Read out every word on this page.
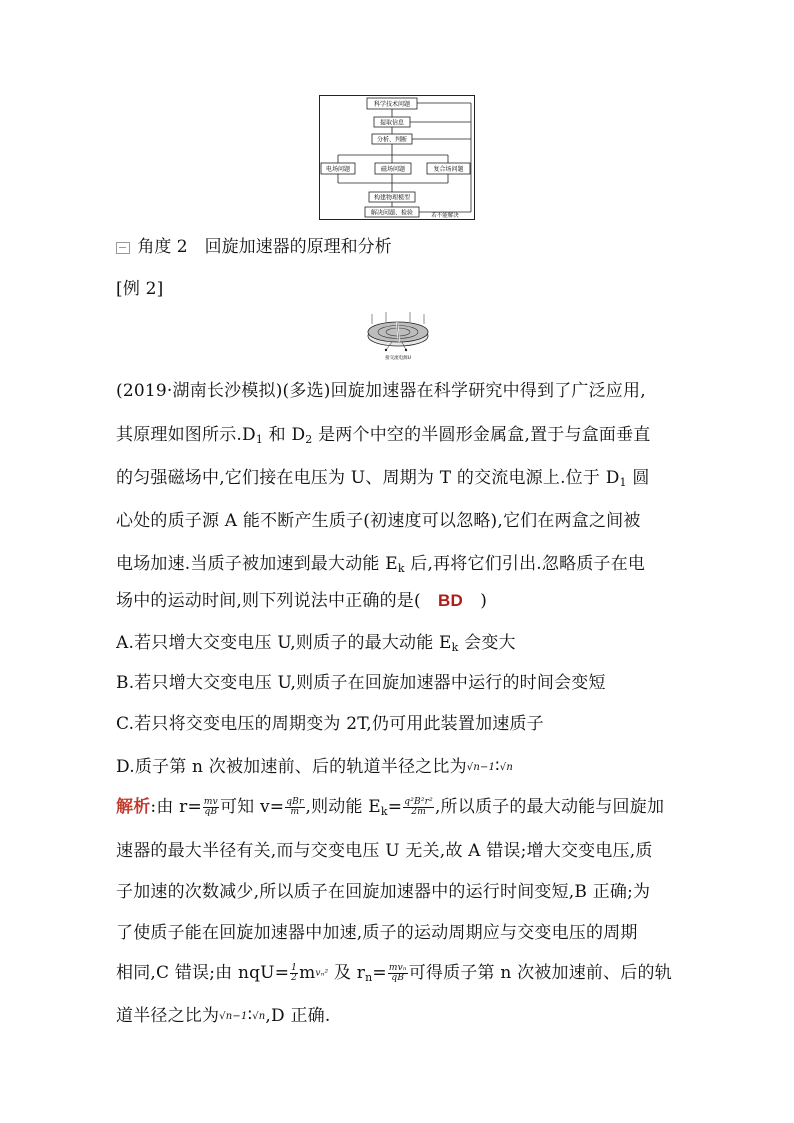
科学技术问题
提取信息
分析、判断
电场问题	磁场问题	复合场问题
构建物理模型
解决问题、检验	若不能解决
角度 2　回旋加速器的原理和分析
[例 2]
接交流电源U
(2019·湖南长沙模拟)(多选)回旋加速器在科学研究中得到了广泛应用,
其原理如图所示$.D_1$ 和 $D_2$ 是两个中空的半圆形金属盒,置于与盒面垂直
的匀强磁场中,它们接在电压为 U、周期为 T 的交流电源上.位于 $D_1$ 圆
心处的质子源 A 能不断产生质子(初速度可以忽略),它们在两盒之间被
电场加速.当质子被加速到最大动能 $E_k$ 后,再将它们引出.忽略质子在电
场中的运动时间,则下列说法中正确的是(　BD　)
A.若只增大交变电压 U,则质子的最大动能 $E_k$ 会变大
B.若只增大交变电压 U,则质子在回旋加速器中运行的时间会变短
C.若只将交变电压的周期变为 2T,仍可用此装置加速质子
D.质子第 n 次被加速前、后的轨道半径之比为√n−1∶√n
解析:由 $r= \frac{mv}{qB}$ 可知 $v= \frac{\text{qBr}}{m}$ ,则动能 $E_k= \frac{\text{q²B²r²}}{2m}$ ,所以质子的最大动能与回旋加
速器的最大半径有关,而与交变电压 U 无关,故 A 错误;增大交变电压,质
子加速的次数减少,所以质子在回旋加速器中的运行时间变短,B 正确;为
了使质子能在回旋加速器中加速,质子的运动周期应与交变电压的周期
相同,C 错误;由 $nqU= \frac{1}{2} mv_n^2$ 及 $r_n= \frac{\text{mvₙ}}{qB}$ 可得质子第 n 次被加速前、后的轨
道半径之比为√n−1∶√n,D 正确.
